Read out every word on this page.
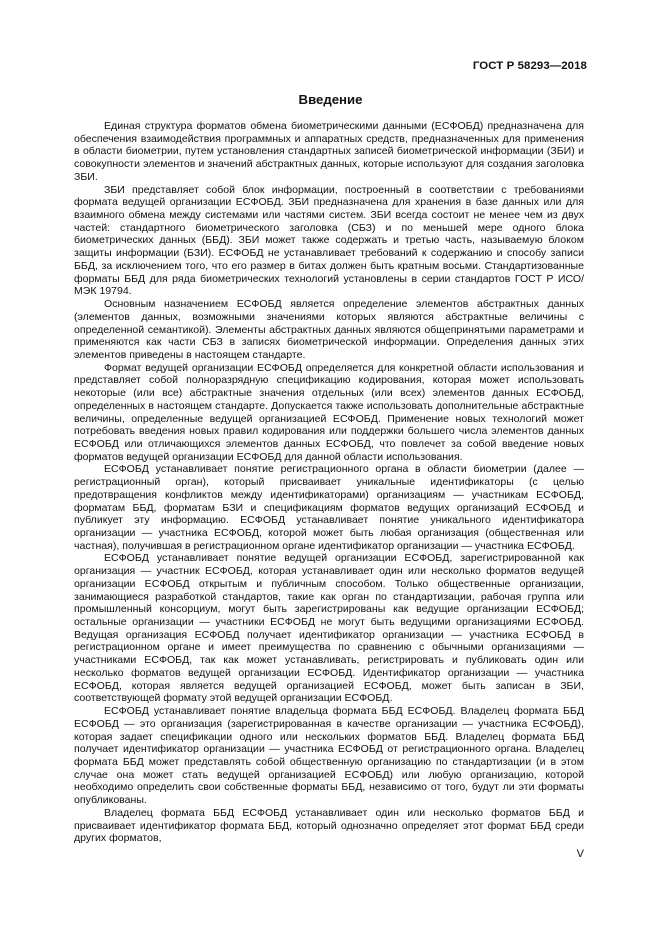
ГОСТ Р 58293—2018
Введение

Единая структура форматов обмена биометрическими данными (ЕСФОБД) предназначена для обеспечения взаимодействия программных и аппаратных средств, предназначенных для применения в области биометрии, путем установления стандартных записей биометрической информации (ЗБИ) и совокупности элементов и значений абстрактных данных, которые используют для создания заголовка ЗБИ.

ЗБИ представляет собой блок информации, построенный в соответствии с требованиями формата ведущей организации ЕСФОБД. ЗБИ предназначена для хранения в базе данных или для взаимного обмена между системами или частями систем. ЗБИ всегда состоит не менее чем из двух частей: стандартного биометрического заголовка (СБЗ) и по меньшей мере одного блока биометрических данных (ББД). ЗБИ может также содержать и третью часть, называемую блоком защиты информации (БЗИ). ЕСФОБД не устанавливает требований к содержанию и способу записи ББД, за исключением того, что его размер в битах должен быть кратным восьми. Стандартизованные форматы ББД для ряда биометрических технологий установлены в серии стандартов ГОСТ Р ИСО/МЭК 19794.

Основным назначением ЕСФОБД является определение элементов абстрактных данных (элементов данных, возможными значениями которых являются абстрактные величины с определенной семантикой). Элементы абстрактных данных являются общепринятыми параметрами и применяются как части СБЗ в записях биометрической информации. Определения данных этих элементов приведены в настоящем стандарте.

Формат ведущей организации ЕСФОБД определяется для конкретной области использования и представляет собой полноразрядную спецификацию кодирования, которая может использовать некоторые (или все) абстрактные значения отдельных (или всех) элементов данных ЕСФОБД, определенных в настоящем стандарте. Допускается также использовать дополнительные абстрактные величины, определенные ведущей организацией ЕСФОБД. Применение новых технологий может потребовать введения новых правил кодирования или поддержки большего числа элементов данных ЕСФОБД или отличающихся элементов данных ЕСФОБД, что повлечет за собой введение новых форматов ведущей организации ЕСФОБД для данной области использования.

ЕСФОБД устанавливает понятие регистрационного органа в области биометрии (далее — регистрационный орган), который присваивает уникальные идентификаторы (с целью предотвращения конфликтов между идентификаторами) организациям — участникам ЕСФОБД, форматам ББД, форматам БЗИ и спецификациям форматов ведущих организаций ЕСФОБД и публикует эту информацию. ЕСФОБД устанавливает понятие уникального идентификатора организации — участника ЕСФОБД, которой может быть любая организация (общественная или частная), получившая в регистрационном органе идентификатор организации — участника ЕСФОБД.

ЕСФОБД устанавливает понятие ведущей организации ЕСФОБД, зарегистрированной как организация — участник ЕСФОБД, которая устанавливает один или несколько форматов ведущей организации ЕСФОБД открытым и публичным способом. Только общественные организации, занимающиеся разработкой стандартов, такие как орган по стандартизации, рабочая группа или промышленный консорциум, могут быть зарегистрированы как ведущие организации ЕСФОБД; остальные организации — участники ЕСФОБД не могут быть ведущими организациями ЕСФОБД. Ведущая организация ЕСФОБД получает идентификатор организации — участника ЕСФОБД в регистрационном органе и имеет преимущества по сравнению с обычными организациями — участниками ЕСФОБД, так как может устанавливать, регистрировать и публиковать один или несколько форматов ведущей организации ЕСФОБД. Идентификатор организации — участника ЕСФОБД, которая является ведущей организацией ЕСФОБД, может быть записан в ЗБИ, соответствующей формату этой ведущей организации ЕСФОБД.

ЕСФОБД устанавливает понятие владельца формата ББД ЕСФОБД. Владелец формата ББД ЕСФОБД — это организация (зарегистрированная в качестве организации — участника ЕСФОБД), которая задает спецификации одного или нескольких форматов ББД. Владелец формата ББД получает идентификатор организации — участника ЕСФОБД от регистрационного органа. Владелец формата ББД может представлять собой общественную организацию по стандартизации (и в этом случае она может стать ведущей организацией ЕСФОБД) или любую организацию, которой необходимо определить свои собственные форматы ББД, независимо от того, будут ли эти форматы опубликованы.

Владелец формата ББД ЕСФОБД устанавливает один или несколько форматов ББД и присваивает идентификатор формата ББД, который однозначно определяет этот формат ББД среди других форматов,

V
